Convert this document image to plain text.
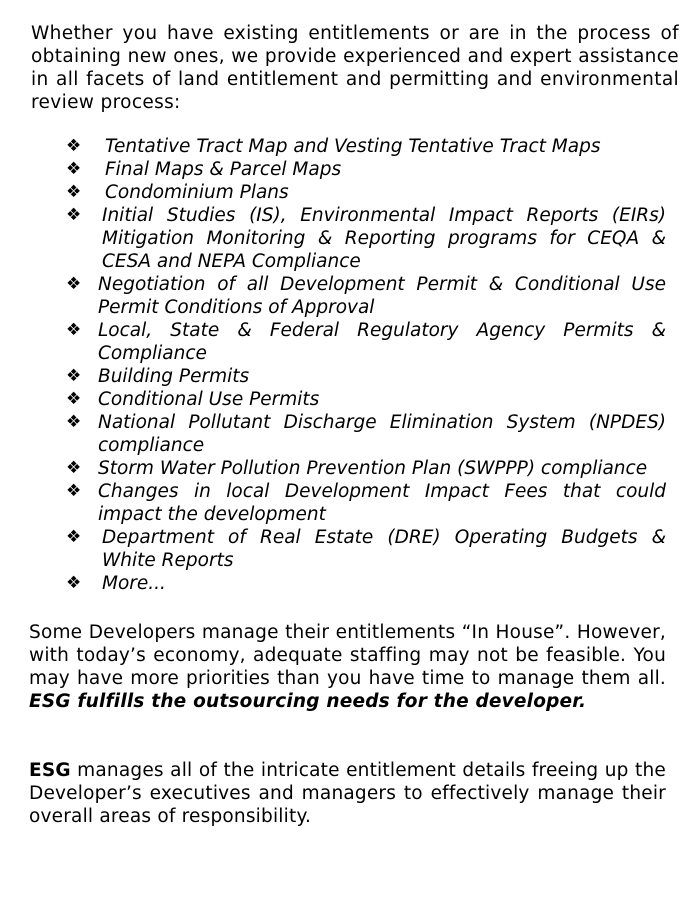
Whether you have existing entitlements or are in the process of obtaining new ones, we provide experienced and expert assistance in all facets of land entitlement and permitting and environmental review process:

❖	Tentative Tract Map and Vesting Tentative Tract Maps
❖	Final Maps & Parcel Maps
❖	Condominium Plans
❖	Initial Studies (IS), Environmental Impact Reports (EIRs) Mitigation Monitoring & Reporting programs for CEQA & CESA and NEPA Compliance
❖ Negotiation of all Development Permit & Conditional Use Permit Conditions of Approval
❖ Local, State & Federal Regulatory Agency Permits & Compliance
❖ Building Permits
❖ Conditional Use Permits
❖ National Pollutant Discharge Elimination System (NPDES) compliance
❖ Storm Water Pollution Prevention Plan (SWPPP) compliance
❖ Changes in local Development Impact Fees that could impact the development
❖	Department of Real Estate (DRE) Operating Budgets & White Reports
❖	More...

Some Developers manage their entitlements “In House”. However, with today’s economy, adequate staffing may not be feasible. You may have more priorities than you have time to manage them all. ESG fulfills the outsourcing needs for the developer.

ESG manages all of the intricate entitlement details freeing up the Developer’s executives and managers to effectively manage their overall areas of responsibility.
